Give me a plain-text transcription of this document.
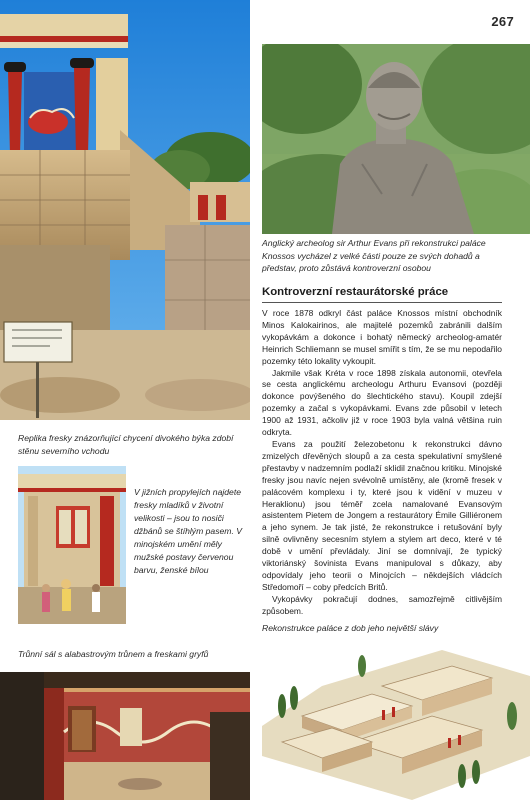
267

Anglický archeolog sir Arthur Evans při rekonstrukci paláce Knossos vycházel z velké části pouze ze svých dohadů a představ, proto zůstává kontroverzní osobou

Kontroverzní restaurátorské práce

V roce 1878 odkryl část paláce Knossos místní obchodník Minos Kalokairinos, ale majitelé pozemků zabránili dalším vykopávkám a dokonce i bohatý německý archeolog-amatér Heinrich Schliemann se musel smířit s tím, že se mu nepodařilo pozemky této lokality vykoupit.

Jakmile však Kréta v roce 1898 získala autonomii, otevřela se cesta anglickému archeologu Arthuru Evansovi (později dokonce povýšeného do šlechtického stavu). Koupil zdejší pozemky a začal s vykopávkami. Evans zde působil v letech 1900 až 1931, ačkoliv již v roce 1903 byla valná většina ruin odkryta.

Evans za použití železobetonu k rekonstrukci dávno zmizelých dřevěných sloupů a za cesta spekulativní smyšlené přestavby v nadzemním podlaží sklidil značnou kritiku. Minojské fresky jsou navíc nejen svévolně umístěny, ale (kromě fresek v palácovém komplexu i ty, které jsou k vidění v muzeu v Heraklionu) jsou téměř zcela namalované Evansovým asistentem Pietem de Jongem a restaurátory Émile Gilliéronem a jeho synem. Je tak jisté, že rekonstrukce i retušování byly silně ovlivněny secesním stylem a stylem art deco, které v té době v umění převládaly. Jiní se domnívají, že typický viktoriánský šovinista Evans manipuloval s důkazy, aby odpovídaly jeho teorii o Minojcích – někdejších vládcích Středomoří – coby předcích Britů.

Vykopávky pokračují dodnes, samozřejmě citlivějším způsobem.

Replika fresky znázorňující chycení divokého býka zdobí stěnu severního vchodu

V jižních propylejích najdete fresky mladíků v životní velikosti – jsou to nosiči džbánů se štíhlým pasem. V minojském umění měly mužské postavy červenou barvu, ženské bílou

Trůnní sál s alabastrovým trůnem a freskami gryfů

Rekonstrukce paláce z dob jeho největší slávy
